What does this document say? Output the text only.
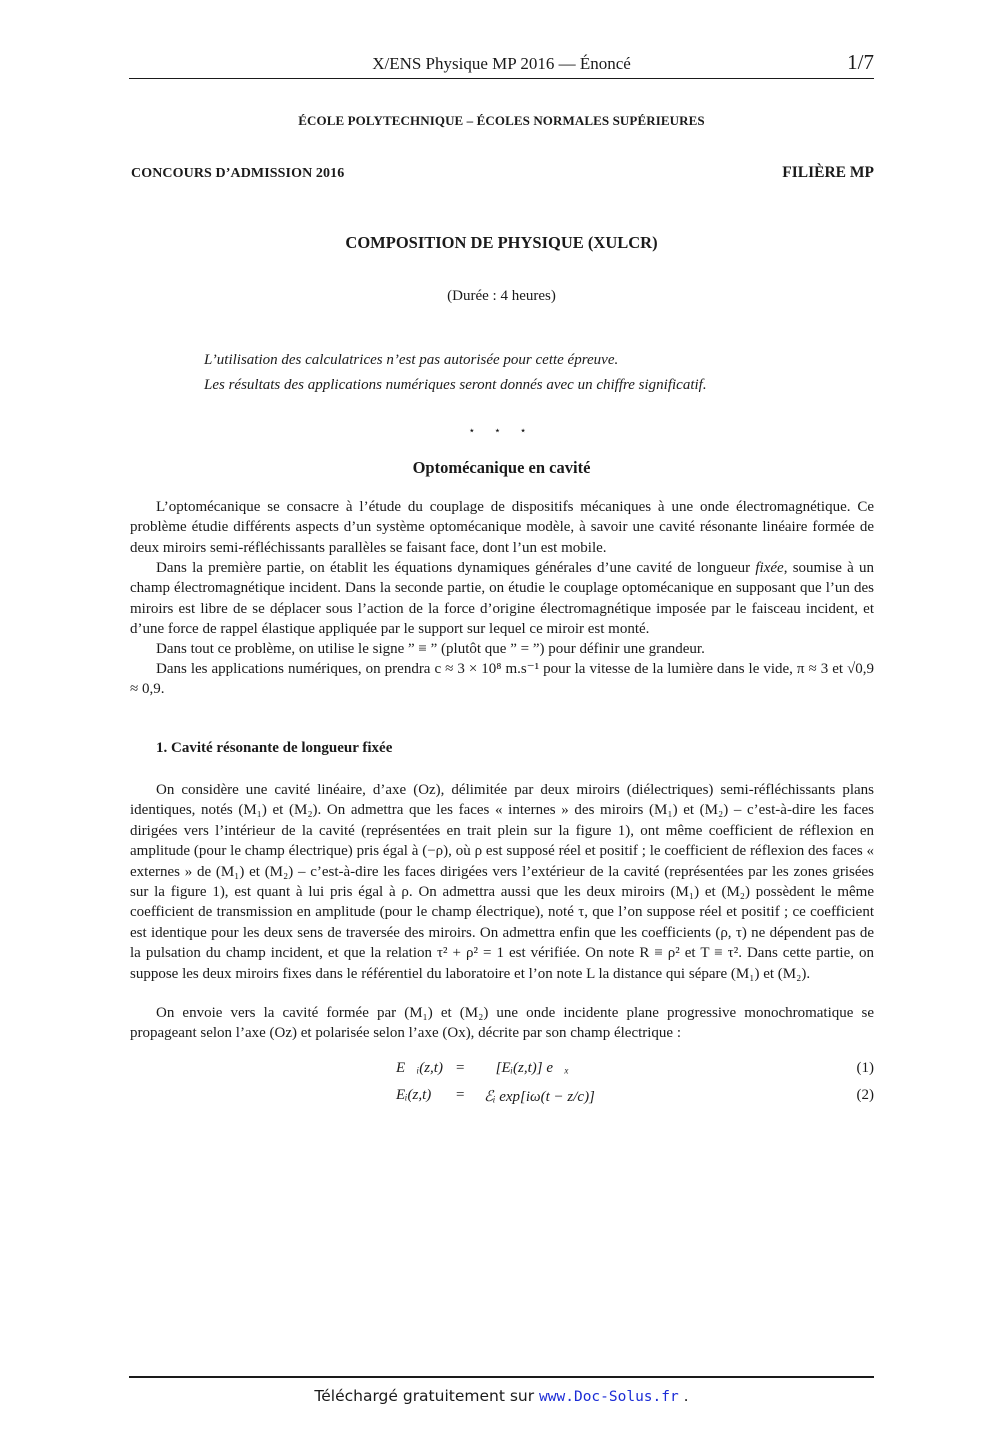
X/ENS Physique MP 2016 — Énoncé	1/7
ÉCOLE POLYTECHNIQUE – ÉCOLES NORMALES SUPÉRIEURES
CONCOURS D’ADMISSION 2016	FILIÈRE MP
COMPOSITION DE PHYSIQUE (XULCR)
(Durée : 4 heures)
L’utilisation des calculatrices n’est pas autorisée pour cette épreuve.
Les résultats des applications numériques seront donnés avec un chiffre significatif.
⋆ ⋆ ⋆
Optomécanique en cavité
L’optomécanique se consacre à l’étude du couplage de dispositifs mécaniques à une onde électromagnétique. Ce problème étudie différents aspects d’un système optomécanique modèle, à savoir une cavité résonante linéaire formée de deux miroirs semi-réfléchissants parallèles se faisant face, dont l’un est mobile.
Dans la première partie, on établit les équations dynamiques générales d’une cavité de longueur fixée, soumise à un champ électromagnétique incident. Dans la seconde partie, on étudie le couplage optomécanique en supposant que l’un des miroirs est libre de se déplacer sous l’action de la force d’origine électromagnétique imposée par le faisceau incident, et d’une force de rappel élastique appliquée par le support sur lequel ce miroir est monté.
Dans tout ce problème, on utilise le signe ” ≡ ” (plutôt que ” = ”) pour définir une grandeur.
Dans les applications numériques, on prendra c ≈ 3 × 10⁸ m.s⁻¹ pour la vitesse de la lumière dans le vide, π ≈ 3 et √0,9 ≈ 0,9.
1. Cavité résonante de longueur fixée
On considère une cavité linéaire, d’axe (Oz), délimitée par deux miroirs (diélectriques) semi-réfléchissants plans identiques, notés (M₁) et (M₂). On admettra que les faces « internes » des miroirs (M₁) et (M₂) – c’est-à-dire les faces dirigées vers l’intérieur de la cavité (représentées en trait plein sur la figure 1), ont même coefficient de réflexion en amplitude (pour le champ électrique) pris égal à (−ρ), où ρ est supposé réel et positif ; le coefficient de réflexion des faces « externes » de (M₁) et (M₂) – c’est-à-dire les faces dirigées vers l’extérieur de la cavité (représentées par les zones grisées sur la figure 1), est quant à lui pris égal à ρ. On admettra aussi que les deux miroirs (M₁) et (M₂) possèdent le même coefficient de transmission en amplitude (pour le champ électrique), noté τ, que l’on suppose réel et positif ; ce coefficient est identique pour les deux sens de traversée des miroirs. On admettra enfin que les coefficients (ρ, τ) ne dépendent pas de la pulsation du champ incident, et que la relation τ² + ρ² = 1 est vérifiée. On note R ≡ ρ² et T ≡ τ². Dans cette partie, on suppose les deux miroirs fixes dans le référentiel du laboratoire et l’on note L la distance qui sépare (M₁) et (M₂).
On envoie vers la cavité formée par (M₁) et (M₂) une onde incidente plane progressive monochromatique se propageant selon l’axe (Oz) et polarisée selon l’axe (Ox), décrite par son champ électrique :
E⃗ᵢ(z,t) = ℜ[Eᵢ(z,t)] e⃗ₓ	(1)
Eᵢ(z,t) = ℰᵢ exp[iω(t − z/c)]	(2)
Téléchargé gratuitement sur www.Doc-Solus.fr .
